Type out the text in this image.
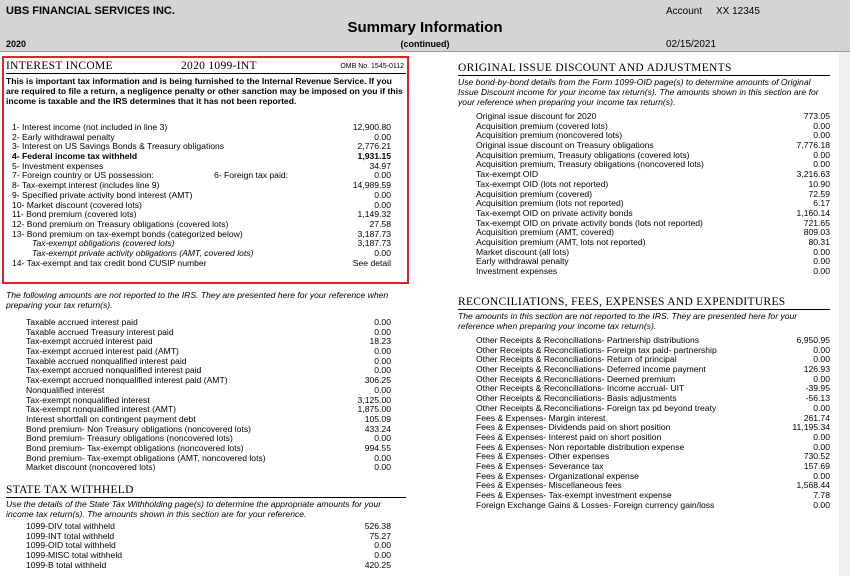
UBS FINANCIAL SERVICES INC.	Account XX 12345
Summary Information
2020	(continued)	02/15/2021
INTEREST INCOME	2020 1099-INT	OMB No. 1545-0112
This is important tax information and is being furnished to the Internal Revenue Service. If you are required to file a return, a negligence penalty or other sanction may be imposed on you if this income is taxable and the IRS determines that it has not been reported.
1- Interest income (not included in line 3)	12,900.80
2- Early withdrawal penalty	0.00
3- Interest on US Savings Bonds & Treasury obligations	2,776.21
4- Federal income tax withheld	1,931.15
5- Investment expenses	34.97
7- Foreign country or US possession:	6- Foreign tax paid:	0.00
8- Tax-exempt interest (includes line 9)	14,989.59
9- Specified private activity bond interest (AMT)	0.00
10- Market discount (covered lots)	0.00
11- Bond premium (covered lots)	1,149.32
12- Bond premium on Treasury obligations (covered lots)	27.58
13- Bond premium on tax-exempt bonds (categorized below)	3,187.73
Tax-exempt obligations (covered lots)	3,187.73
Tax-exempt private activity obligations (AMT, covered lots)	0.00
14- Tax-exempt and tax credit bond CUSIP number	See detail
The following amounts are not reported to the IRS. They are presented here for your reference when preparing your tax return(s).
Taxable accrued interest paid	0.00
Taxable accrued Treasury interest paid	0.00
Tax-exempt accrued interest paid	18.23
Tax-exempt accrued interest paid (AMT)	0.00
Taxable accrued nonqualified interest paid	0.00
Tax-exempt accrued nonqualified interest paid	0.00
Tax-exempt accrued nonqualified interest paid (AMT)	306.25
Nonqualified interest	0.00
Tax-exempt nonqualified interest	3,125.00
Tax-exempt nonqualified interest (AMT)	1,875.00
Interest shortfall on contingent payment debt	105.09
Bond premium- Non Treasury obligations (noncovered lots)	433.24
Bond premium- Treasury obligations (noncovered lots)	0.00
Bond premium- Tax-exempt obligations (noncovered lots)	994.55
Bond premium- Tax-exempt obligations (AMT, noncovered lots)	0.00
Market discount (noncovered lots)	0.00
STATE TAX WITHHELD
Use the details of the State Tax Withholding page(s) to determine the appropriate amounts for your income tax return(s). The amounts shown in this section are for your reference.
1099-DIV total withheld	526.38
1099-INT total withheld	75.27
1099-OID total withheld	0.00
1099-MISC total withheld	0.00
1099-B total withheld	420.25
ORIGINAL ISSUE DISCOUNT AND ADJUSTMENTS
Use bond-by-bond details from the Form 1099-OID page(s) to determine amounts of Original Issue Discount income for your income tax return(s). The amounts shown in this section are for your reference when preparing your income tax return(s).
Original issue discount for 2020	773.05
Acquisition premium (covered lots)	0.00
Acquisition premium (noncovered lots)	0.00
Original issue discount on Treasury obligations	7,776.18
Acquisition premium, Treasury obligations (covered lots)	0.00
Acquisition premium, Treasury obligations (noncovered lots)	0.00
Tax-exempt OID	3,216.63
Tax-exempt OID (lots not reported)	10.90
Acquisition premium (covered)	72.59
Acquisition premium (lots not reported)	6.17
Tax-exempt OID on private activity bonds	1,160.14
Tax-exempt OID on private activity bonds (lots not reported)	721.65
Acquisition premium (AMT, covered)	809.03
Acquisition premium (AMT, lots not reported)	80.31
Market discount (all lots)	0.00
Early withdrawal penalty	0.00
Investment expenses	0.00
RECONCILIATIONS, FEES, EXPENSES AND EXPENDITURES
The amounts in this section are not reported to the IRS. They are presented here for your reference when preparing your income tax return(s).
Other Receipts & Reconciliations- Partnership distributions	6,950.95
Other Receipts & Reconciliations- Foreign tax paid- partnership	0.00
Other Receipts & Reconciliations- Return of principal	0.00
Other Receipts & Reconciliations- Deferred income payment	126.93
Other Receipts & Reconciliations- Deemed premium	0.00
Other Receipts & Reconciliations- Income accrual- UIT	-39.95
Other Receipts & Reconciliations- Basis adjustments	-56.13
Other Receipts & Reconciliations- Foreign tax pd beyond treaty	0.00
Fees & Expenses- Margin interest	261.74
Fees & Expenses- Dividends paid on short position	11,195.34
Fees & Expenses- Interest paid on short position	0.00
Fees & Expenses- Non reportable distribution expense	0.00
Fees & Expenses- Other expenses	730.52
Fees & Expenses- Severance tax	157.69
Fees & Expenses- Organizational expense	0.00
Fees & Expenses- Miscellaneous fees	1,568.44
Fees & Expenses- Tax-exempt investment expense	7.78
Foreign Exchange Gains & Losses- Foreign currency gain/loss	0.00
